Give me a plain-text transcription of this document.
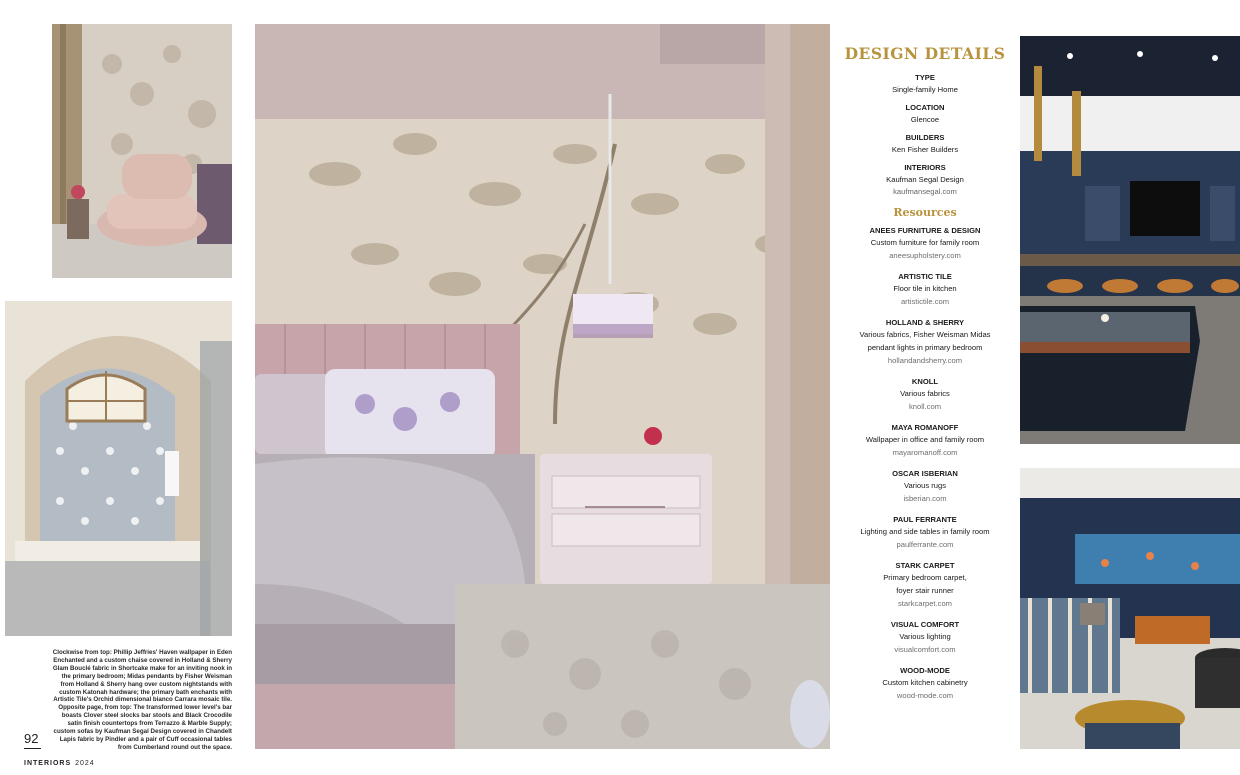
Clockwise from top: Phillip Jeffries' Haven wallpaper in Eden Enchanted and a custom chaise covered in Holland & Sherry Glam Bouclé fabric in Shortcake make for an inviting nook in the primary bedroom; Midas pendants by Fisher Weisman from Holland & Sherry hang over custom nightstands with custom Katonah hardware; the primary bath enchants with Artistic Tile's Orchid dimensional bianco Carrara mosaic tile. Opposite page, from top: The transformed lower level's bar boasts Clover steel slocks bar stools and Black Crocodile satin finish countertops from Terrazzo & Marble Supply; custom sofas by Kaufman Segal Design covered in Chandelt Lapis fabric by Pindler and a pair of Cuff occasional tables from Cumberland round out the space.
92
INTERIORS 2024
DESIGN DETAILS
TYPE
Single-family Home
LOCATION
Glencoe
BUILDERS
Ken Fisher Builders
INTERIORS
Kaufman Segal Design
kaufmansegal.com
Resources
ANEES FURNITURE & DESIGN
Custom furniture for family room
aneesupholstery.com
ARTISTIC TILE
Floor tile in kitchen
artistictile.com
HOLLAND & SHERRY
Various fabrics, Fisher Weisman Midas
pendant lights in primary bedroom
hollandandsherry.com
KNOLL
Various fabrics
knoll.com
MAYA ROMANOFF
Wallpaper in office and family room
mayaromanoff.com
OSCAR ISBERIAN
Various rugs
isberian.com
PAUL FERRANTE
Lighting and side tables in family room
paulferrante.com
STARK CARPET
Primary bedroom carpet,
foyer stair runner
starkcarpet.com
VISUAL COMFORT
Various lighting
visualcomfort.com
WOOD-MODE
Custom kitchen cabinetry
wood-mode.com
